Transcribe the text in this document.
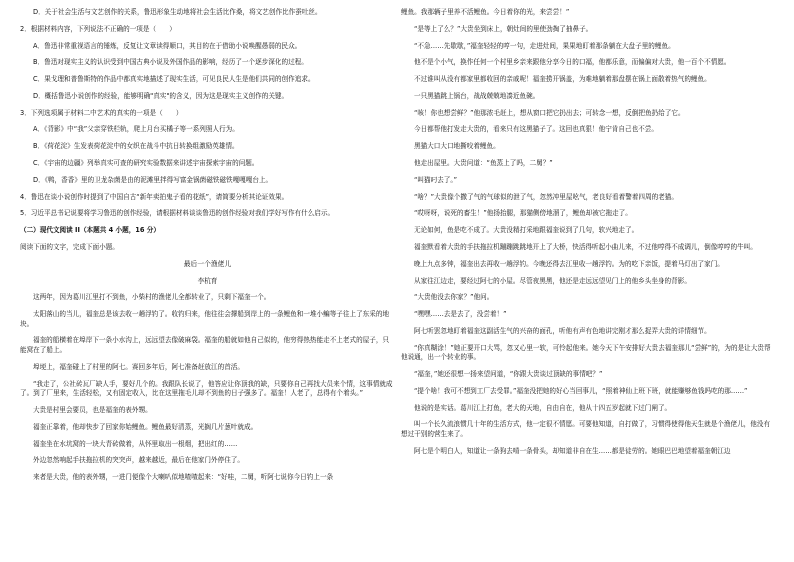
D．关于社会生活与文艺创作的关系，鲁迅形象生动地将社会生活比作桑，将文艺创作比作蚕吐丝。

2．根据材料内容，下列说法不正确的一项是（　　）

A．鲁迅非常重视语言的锤炼，反复让文章读得顺口，其目的在于借助小说唤醒愚弱的民众。

B．鲁迅对现实主义的认识受到中国古典小说及外国作品的影响，经历了一个逐步深化的过程。

C．果戈理和普鲁斯特的作品中都真实地描述了现实生活，可见良民人生是他们共同的创作追求。

D．概括鲁迅小说创作的经验，能够明确"真实"的含义，因为这是现实主义创作的关键。

3．下列选项属于材料二中艺术的真实的一项是（　　）

A．《背影》中“我”父亲穿铁栏轨，爬上月台买橘子等一系列照人行为。

B．《荷花淀》生发表荷花淀中的女织在战斗中抗日转换组激励英雄情。

C．《宇宙的边疆》列举真实可查的研究实验数据来讲述宇宙探索宇宙的问题。

D．《鸭，香香》里的卫龙杂菌是由的泥滩里拌得写富金锅菌磁铁磁铁嘎嘎嘎台上。

4．鲁迅在谈小说创作时提到了中国自古“新年卖拍鬼子看的花纸”，请简要分析其论证效果。

5．习近平总书记说要将学习鲁迅的创作经验，请根据材料谈谈鲁迅的创作经验对我们学好写作有什么启示。

（二）现代文阅读 II（本题共 4 小题，16 分）

阅读下面的文字，完成下面小题。

最后一个渔佬儿

李杭育

这两年，因为葛川江里打不到鱼，小柴村的渔佬儿全都转业了，只剩下福奎一个。

太阳落山的当儿，福奎总是该去收一趟浮钓了。收钓归来，他往往会撑船到岸上的一条鲤鱼和一堆小鳊等子往上了东采的地块。

福奎的船横着在埠岸下一条小水沟上，远远望去像破麻袋。福奎的船就如他自己似的，他穷得热热能走不上老式的屋子，只能窝在了船上。

埠埂上，福奎碰上了村里的阿七。赛回多年后，阿七准备赶放江的首活。

“我走了，公社砖瓦厂缺人手，要好几个的。我跟队长说了，他答应让你顶我的缺，只要你自己再找大员来个情，这事情就成了。到了厂里来，生活轻松，又有固定收入，比在这里拖毛儿却不到鱼的日子强多了。福奎！人老了，总得有个着头。”

大贵是村里会要员，也是福奎的表外甥。

福奎正靠着，他却快步了回家你始鲤鱼。鲤鱼最好清蒸，光搁几片葱叶就成。

福奎坐在水坑窝的一块大青砖做着，从怀里取出一根烟，把出红的……

外边忽然响起手扶拖拉机的突突声，越来越近，最后在他家门外停住了。

来者是大贵，他的表外甥，一进门便像个大喇叭似地喳喳起来：“好哇，二舅，听阿七说你今日钓上一条

鲤鱼。我那辆子里养不活鲤鱼。今日着你的光，来尝尝！”

“是等上了么？”大贵坐到床上，朝灶间的里使劲掏了抽鼻子。

“不急……先歇歇，”福奎轻轻的哼一句，走进灶间，果果地盯着那条躺在大盘子里的鲤鱼。

他不是个小气，换作任何一个村里乡亲来跟他分享今日的口福，他都乐意，而偏偏对大贵，他一百个不情愿。

不过谁叫从没有都家里都收回的亲戚呢！福奎捞开锅盖，为难地躺着那盘摆在锅上面散着热气的鲤鱼。

一只黑猫跳上锅台，战战兢兢地凑近鱼碗。

“咳！你也想尝鲜？”他那浓毛赶上，想从窗口把它扔出去；可转念一想，反倒把鱼扔给了它。

今日都帮他打发走大贵的，看来只有这黑猫子了。这回也真狠！他宁肯自己也不尝。

黑猫大口大口地撕咬着鲤鱼。

他走出屋里。大贵问道：“鱼蒸上了吗，二舅？”

“叫猫叼去了。”

“啥？”大贵像个撒了气的气球似的泄了气，忽然冲里屋吆气，老良好看着警着四周的老猫。

“哎呀呀，说死的畜生！”他扬抬腿，那猫侧傍地溜了，鲤鱼却被它拖走了。

无论如何，鱼是吃不成了。大贵没精打采地跟福奎说到了几句，软兴地走了。

福奎默看着大贵的手扶拖拉机蹦蹦跳跳地开上了大桥，快活得听起小曲儿来，不过他哼得不成调儿，倒像哼哼的牛叫。

晚上九点多钟，福奎出去再收一趟浮钓。今晚还得去江里收一趟浮钓。为的吃下亲饭，提着马灯出了家门。

从家往江边走，要经过阿七的小屋。尽管夜黑黑，他还是走远远望见门上的他乡头坐身的背影。

“大贵他没去你家？”他问。

“嘿嘿……去是去了，没尝着！”

阿七听罢忽地盯着福奎这副活生气的兴奋的面孔，听他有声有色地讲完刚才那么捉弄大贵的详情细节。

“你真糊涂！”她正要开口大骂，忽又心里一软，可怜起他来。她今天下午安排好大贵去福奎那儿“尝鲜”的，为的是让大贵帮他说通，出一个转业的事。

“福奎，”她还很想一扬来望问道，“你跟大贵谈过顶缺的事情吧？”

“提个啥！我可不想到工厂去受罪。”福奎没把她的好心当回事儿，“照着神仙上班下班，就能赚够鱼钱吗吃的那……”

他说的是实话。葛川江上打鱼，老大的天地，自由自在，他从十四五岁起就下过门闸了。

叫一个长久流浪惯几十年的生活方式，他一定很不情愿。可要他知道，自打做了，习惯得使得他天生就是个渔佬儿，他没有想过干别的营生来了。

阿七是个明白人，知道让一条狗去啃一条骨头，却知道非自在生……都是徒劳的。她眼巴巴地望着福奎朝江边
